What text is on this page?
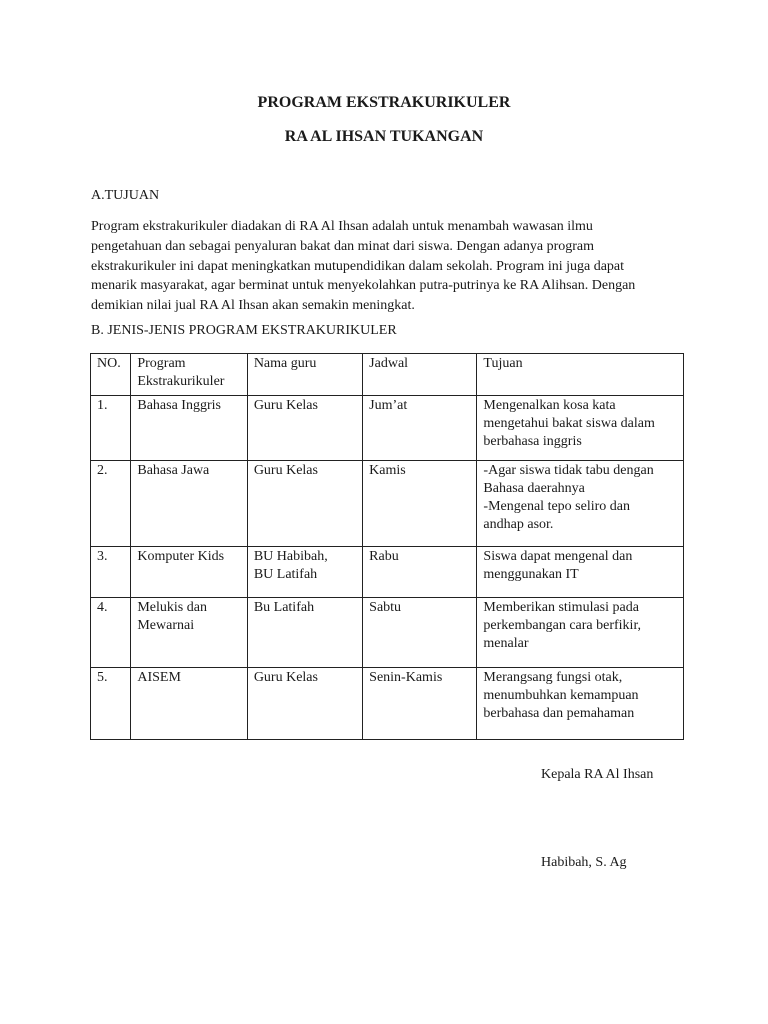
PROGRAM EKSTRAKURIKULER
RA AL IHSAN TUKANGAN
A.TUJUAN
Program ekstrakurikuler diadakan di RA Al Ihsan adalah untuk menambah wawasan ilmu
pengetahuan dan sebagai penyaluran bakat dan minat dari siswa. Dengan adanya program
ekstrakurikuler ini dapat meningkatkan mutupendidikan dalam sekolah. Program ini juga dapat
menarik masyarakat, agar berminat untuk menyekolahkan putra-putrinya ke RA Alihsan. Dengan
demikian nilai jual RA Al Ihsan akan semakin meningkat.
B. JENIS-JENIS PROGRAM EKSTRAKURIKULER
NO.	Program
Ekstrakurikuler	Nama guru	Jadwal	Tujuan

1.	Bahasa Inggris	Guru Kelas	Jum’at	Mengenalkan kosa kata
mengetahui bakat siswa dalam
berbahasa inggris

2.	Bahasa Jawa	Guru Kelas	Kamis	-Agar siswa tidak tabu dengan
Bahasa daerahnya
-Mengenal tepo seliro dan
andhap asor.

3.	Komputer Kids	BU Habibah,
BU Latifah	Rabu	Siswa dapat mengenal dan
menggunakan IT

4.	Melukis dan
Mewarnai	Bu Latifah	Sabtu	Memberikan stimulasi pada
perkembangan cara berfikir,
menalar

5.	AISEM	Guru Kelas	Senin-Kamis	Merangsang fungsi otak,
menumbuhkan kemampuan
berbahasa dan pemahaman
Kepala RA Al Ihsan
Habibah, S. Ag
